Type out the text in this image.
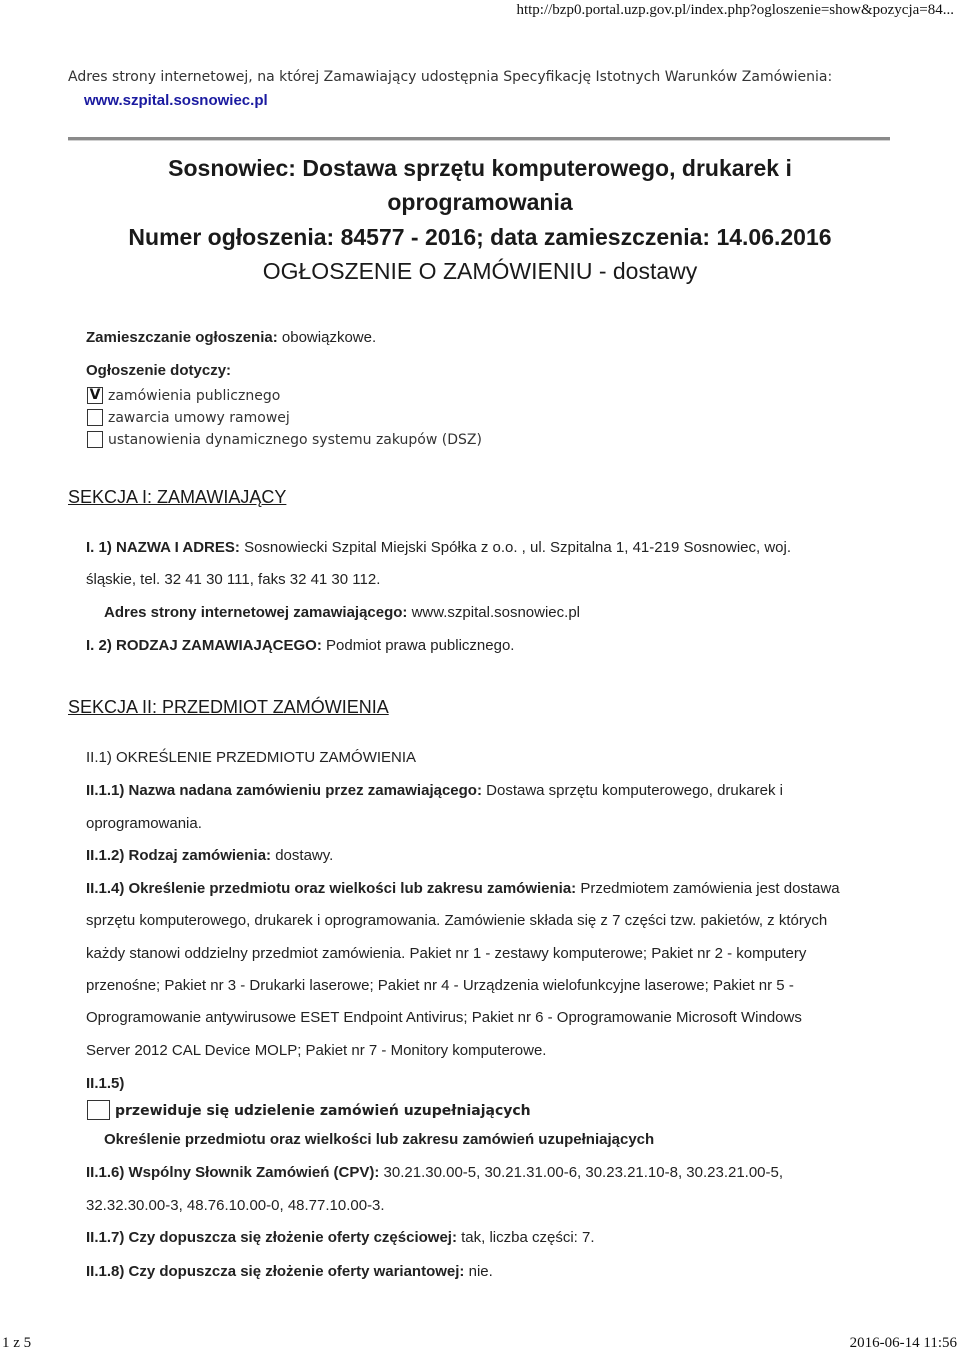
http://bzp0.portal.uzp.gov.pl/index.php?ogloszenie=show&pozycja=84...
Adres strony internetowej, na której Zamawiający udostępnia Specyfikację Istotnych Warunków Zamówienia:
www.szpital.sosnowiec.pl
Sosnowiec: Dostawa sprzętu komputerowego, drukarek i
oprogramowania
Numer ogłoszenia: 84577 - 2016; data zamieszczenia: 14.06.2016
OGŁOSZENIE O ZAMÓWIENIU - dostawy
Zamieszczanie ogłoszenia: obowiązkowe.
Ogłoszenie dotyczy:
V zamówienia publicznego
zawarcia umowy ramowej
ustanowienia dynamicznego systemu zakupów (DSZ)
SEKCJA I: ZAMAWIAJĄCY
I. 1) NAZWA I ADRES: Sosnowiecki Szpital Miejski Spółka z o.o. , ul. Szpitalna 1, 41-219 Sosnowiec, woj.
śląskie, tel. 32 41 30 111, faks 32 41 30 112.
Adres strony internetowej zamawiającego: www.szpital.sosnowiec.pl
I. 2) RODZAJ ZAMAWIAJĄCEGO: Podmiot prawa publicznego.
SEKCJA II: PRZEDMIOT ZAMÓWIENIA
II.1) OKREŚLENIE PRZEDMIOTU ZAMÓWIENIA
II.1.1) Nazwa nadana zamówieniu przez zamawiającego: Dostawa sprzętu komputerowego, drukarek i
oprogramowania.
II.1.2) Rodzaj zamówienia: dostawy.
II.1.4) Określenie przedmiotu oraz wielkości lub zakresu zamówienia: Przedmiotem zamówienia jest dostawa
sprzętu komputerowego, drukarek i oprogramowania. Zamówienie składa się z 7 części tzw. pakietów, z których
każdy stanowi oddzielny przedmiot zamówienia. Pakiet nr 1 - zestawy komputerowe; Pakiet nr 2 - komputery
przenośne; Pakiet nr 3 - Drukarki laserowe; Pakiet nr 4 - Urządzenia wielofunkcyjne laserowe; Pakiet nr 5 -
Oprogramowanie antywirusowe ESET Endpoint Antivirus; Pakiet nr 6 - Oprogramowanie Microsoft Windows
Server 2012 CAL Device MOLP; Pakiet nr 7 - Monitory komputerowe.
II.1.5)
przewiduje się udzielenie zamówień uzupełniających
Określenie przedmiotu oraz wielkości lub zakresu zamówień uzupełniających
II.1.6) Wspólny Słownik Zamówień (CPV): 30.21.30.00-5, 30.21.31.00-6, 30.23.21.10-8, 30.23.21.00-5,
32.32.30.00-3, 48.76.10.00-0, 48.77.10.00-3.
II.1.7) Czy dopuszcza się złożenie oferty częściowej: tak, liczba części: 7.
II.1.8) Czy dopuszcza się złożenie oferty wariantowej: nie.
1 z 5	2016-06-14 11:56
